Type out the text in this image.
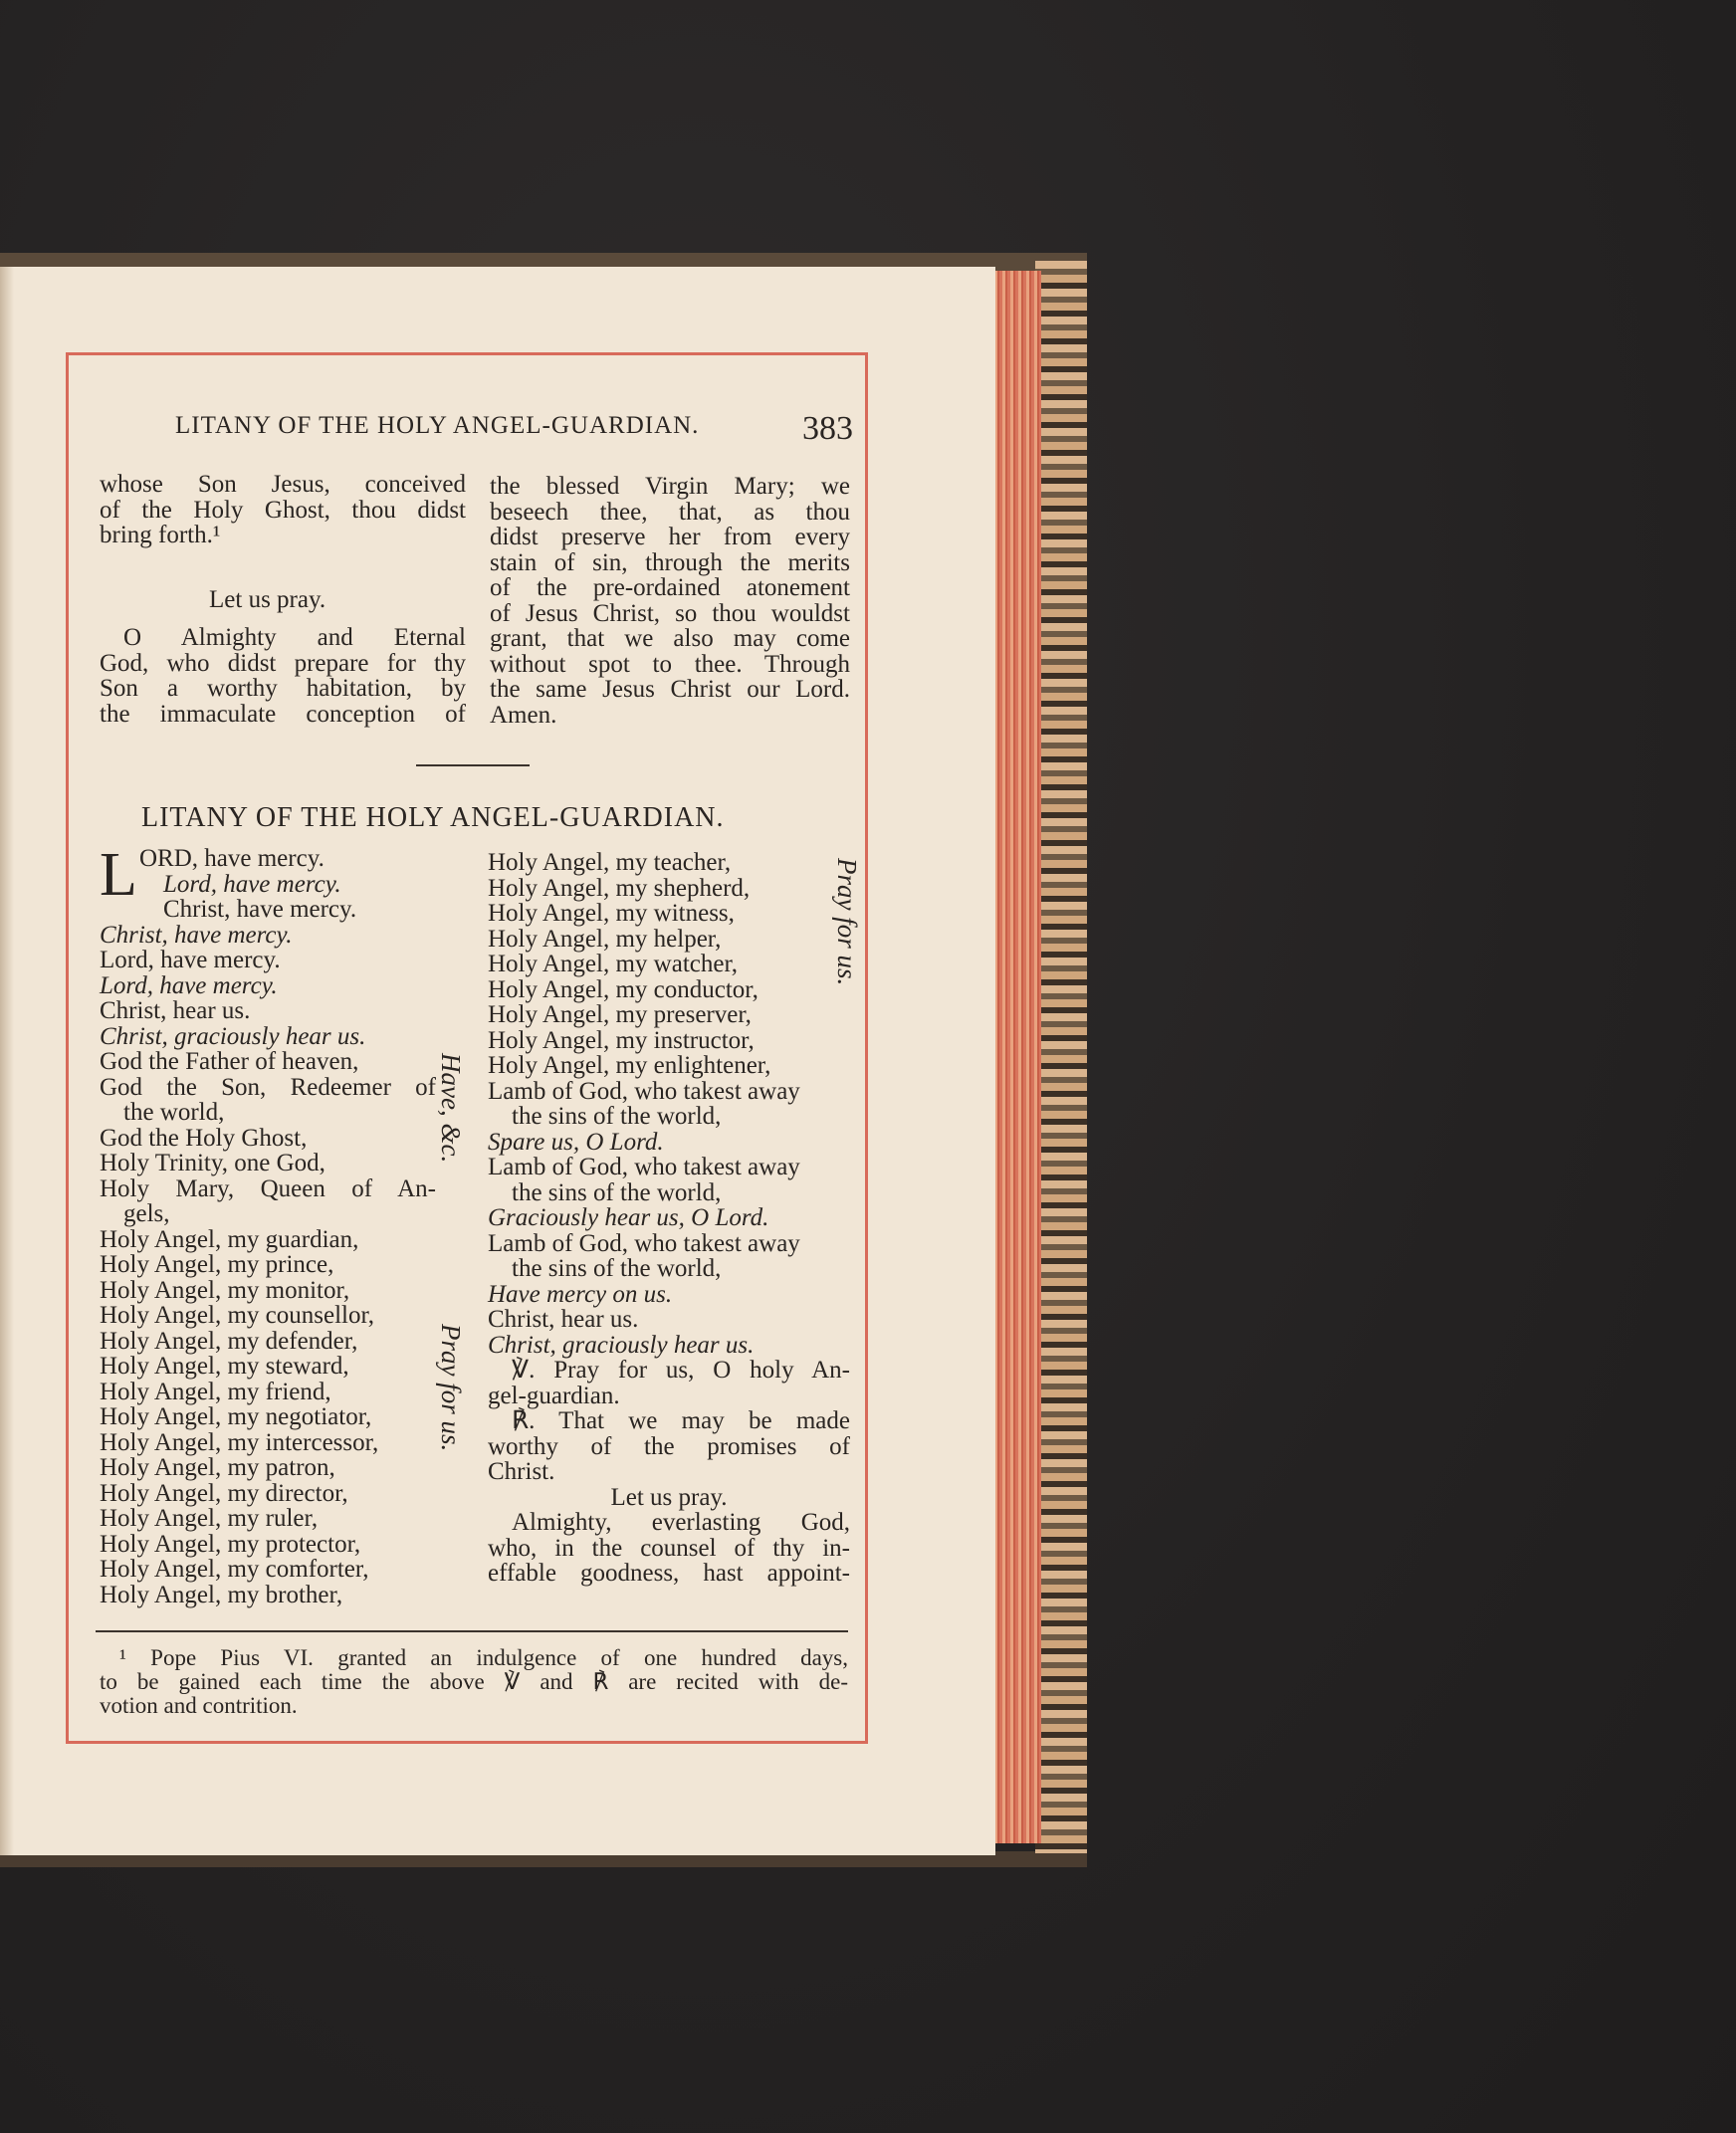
LITANY OF THE HOLY ANGEL-GUARDIAN.	383
whose Son Jesus, conceived
of the Holy Ghost, thou didst
bring forth.¹
Let us pray.
O Almighty and Eternal
God, who didst prepare for thy
Son a worthy habitation, by
the immaculate conception of
the blessed Virgin Mary; we
beseech thee, that, as thou
didst preserve her from every
stain of sin, through the merits
of the pre-ordained atonement
of Jesus Christ, so thou wouldst
grant, that we also may come
without spot to thee. Through
the same Jesus Christ our Lord.
Amen.
LITANY OF THE HOLY ANGEL-GUARDIAN.
L ORD, have mercy.
Lord, have mercy.
Christ, have mercy.
Christ, have mercy.
Lord, have mercy.
Lord, have mercy.
Christ, hear us.
Christ, graciously hear us.
God the Father of heaven,
God the Son, Redeemer of
the world,
God the Holy Ghost,
Holy Trinity, one God,
Holy Mary, Queen of An-
gels,
Holy Angel, my guardian,
Holy Angel, my prince,
Holy Angel, my monitor,
Holy Angel, my counsellor,
Holy Angel, my defender,
Holy Angel, my steward,
Holy Angel, my friend,
Holy Angel, my negotiator,
Holy Angel, my intercessor,
Holy Angel, my patron,
Holy Angel, my director,
Holy Angel, my ruler,
Holy Angel, my protector,
Holy Angel, my comforter,
Holy Angel, my brother,
Holy Angel, my teacher,
Holy Angel, my shepherd,
Holy Angel, my witness,
Holy Angel, my helper,
Holy Angel, my watcher,
Holy Angel, my conductor,
Holy Angel, my preserver,
Holy Angel, my instructor,
Holy Angel, my enlightener,
Lamb of God, who takest away
the sins of the world,
Spare us, O Lord.
Lamb of God, who takest away
the sins of the world,
Graciously hear us, O Lord.
Lamb of God, who takest away
the sins of the world,
Have mercy on us.
Christ, hear us.
Christ, graciously hear us.
℣. Pray for us, O holy An-
gel-guardian.
℟. That we may be made
worthy of the promises of
Christ.
Let us pray.
Almighty, everlasting God,
who, in the counsel of thy in-
effable goodness, hast appoint-
Have, &c.
Pray for us.
Pray for us.
¹ Pope Pius VI. granted an indulgence of one hundred days,
to be gained each time the above ℣ and ℟ are recited with de-
votion and contrition.
